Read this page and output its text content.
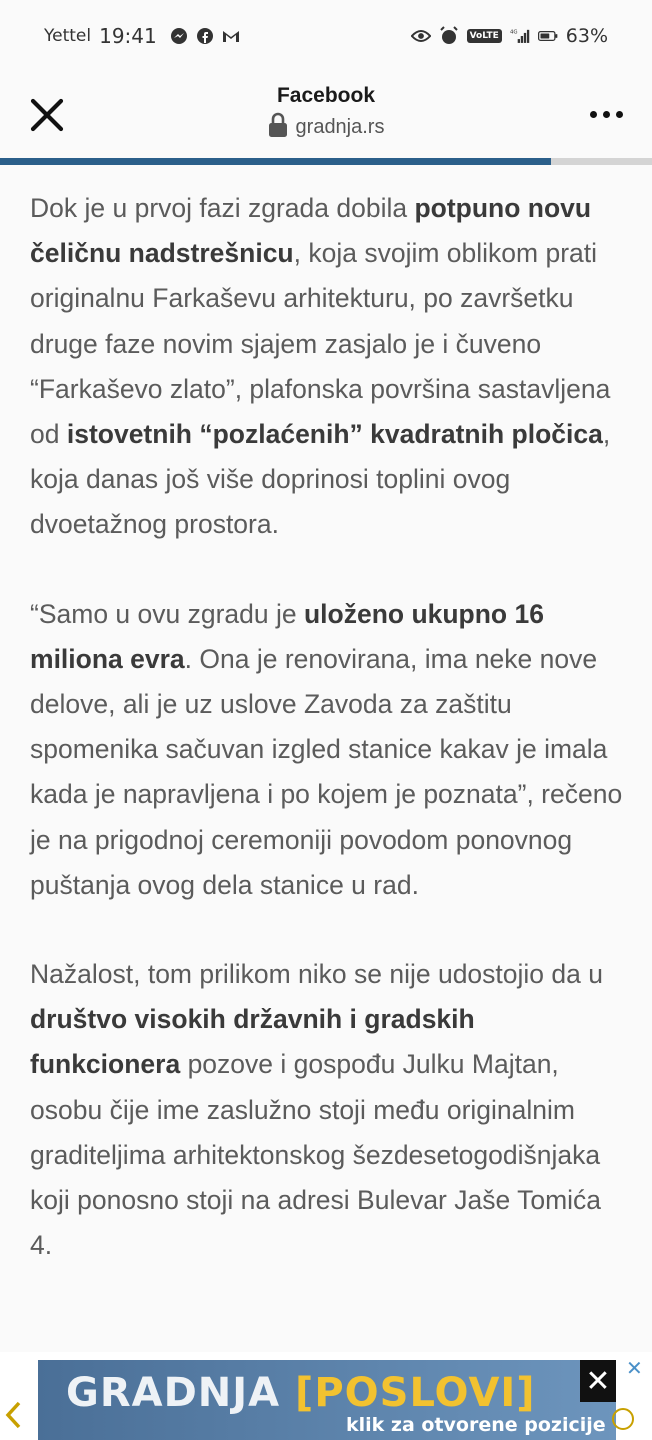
Yettel 19:41	VoLTE	4G	63%
Facebook
gradnja.rs

Dok je u prvoj fazi zgrada dobila potpuno novu čeličnu nadstrešnicu, koja svojim oblikom prati originalnu Farkaševu arhitekturu, po završetku druge faze novim sjajem zasjalo je i čuveno “Farkaševo zlato”, plafonska površina sastavljena od istovetnih “pozlaćenih” kvadratnih pločica, koja danas još više doprinosi toplini ovog dvoetažnog prostora.

“Samo u ovu zgradu je uloženo ukupno 16 miliona evra. Ona je renovirana, ima neke nove delove, ali je uz uslove Zavoda za zaštitu spomenika sačuvan izgled stanice kakav je imala kada je napravljena i po kojem je poznata”, rečeno je na prigodnoj ceremoniji povodom ponovnog puštanja ovog dela stanice u rad.

Nažalost, tom prilikom niko se nije udostojio da u društvo visokih državnih i gradskih funkcionera pozove i gospođu Julku Majtan, osobu čije ime zaslužno stoji među originalnim graditeljima arhitektonskog šezdesetogodišnjaka koji ponosno stoji na adresi Bulevar Jaše Tomića 4.

GRADNJA [POSLOVI]
klik za otvorene pozicije
✕ ✕
